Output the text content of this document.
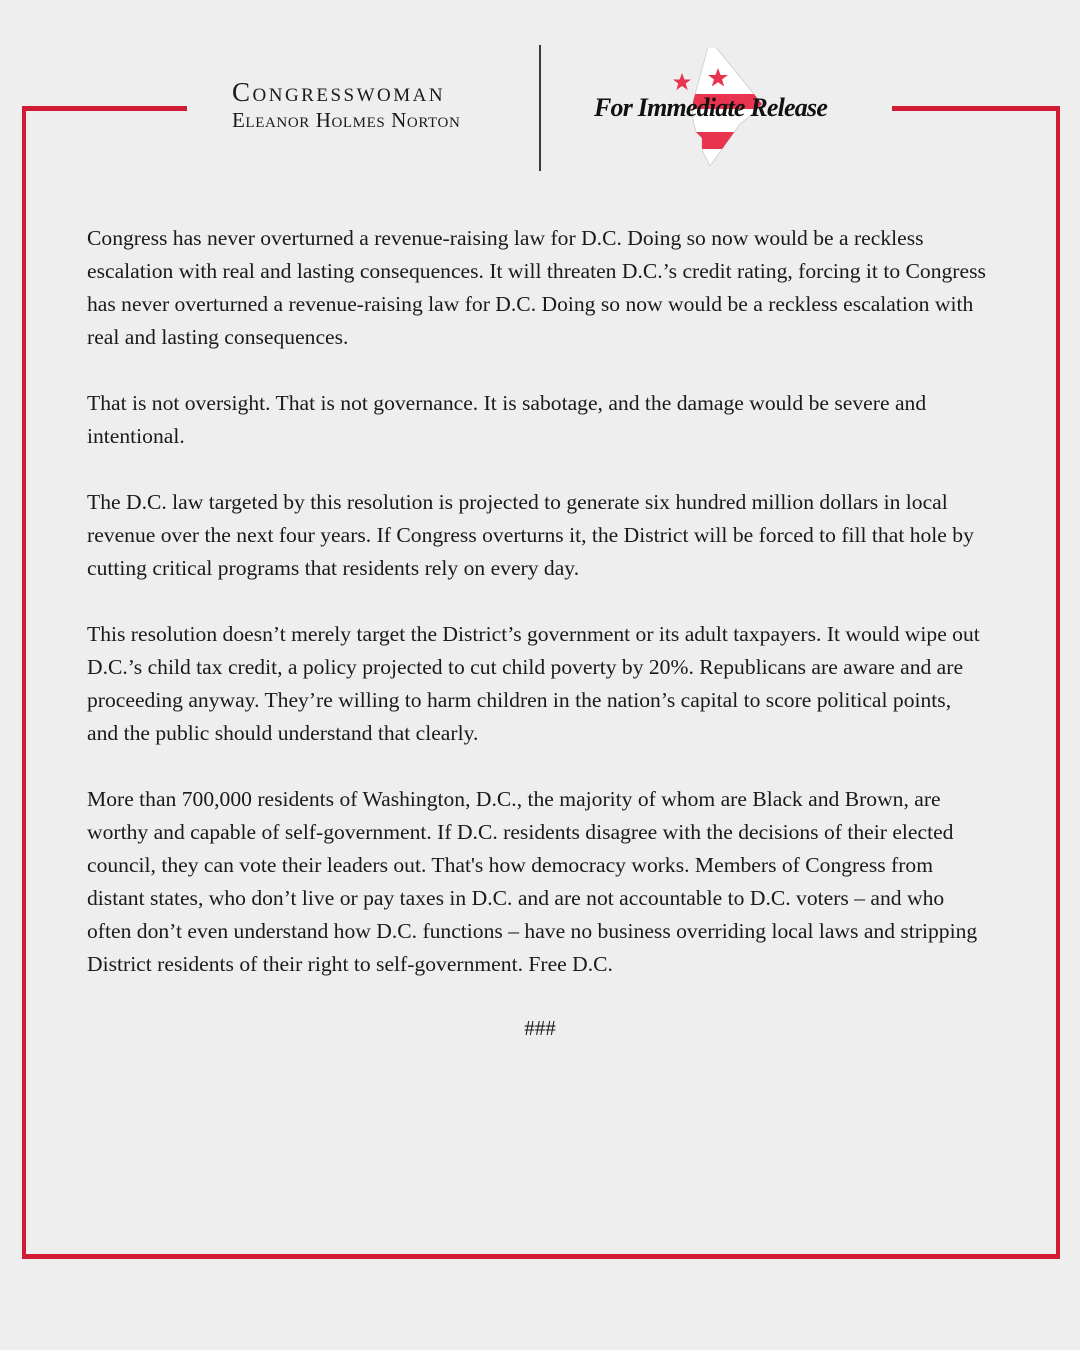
Congresswoman
Eleanor Holmes Norton	For Immediate Release

Congress has never overturned a revenue-raising law for D.C. Doing so now would be a reckless escalation with real and lasting consequences. It will threaten D.C.’s credit rating, forcing it to Congress has never overturned a revenue-raising law for D.C. Doing so now would be a reckless escalation with real and lasting consequences.

That is not oversight. That is not governance. It is sabotage, and the damage would be severe and intentional.

The D.C. law targeted by this resolution is projected to generate six hundred million dollars in local revenue over the next four years. If Congress overturns it, the District will be forced to fill that hole by cutting critical programs that residents rely on every day.

This resolution doesn’t merely target the District’s government or its adult taxpayers. It would wipe out D.C.’s child tax credit, a policy projected to cut child poverty by 20%. Republicans are aware and are proceeding anyway. They’re willing to harm children in the nation’s capital to score political points, and the public should understand that clearly.

More than 700,000 residents of Washington, D.C., the majority of whom are Black and Brown, are worthy and capable of self-government. If D.C. residents disagree with the decisions of their elected council, they can vote their leaders out. That's how democracy works. Members of Congress from distant states, who don’t live or pay taxes in D.C. and are not accountable to D.C. voters – and who often don’t even understand how D.C. functions – have no business overriding local laws and stripping District residents of their right to self-government. Free D.C.

###
